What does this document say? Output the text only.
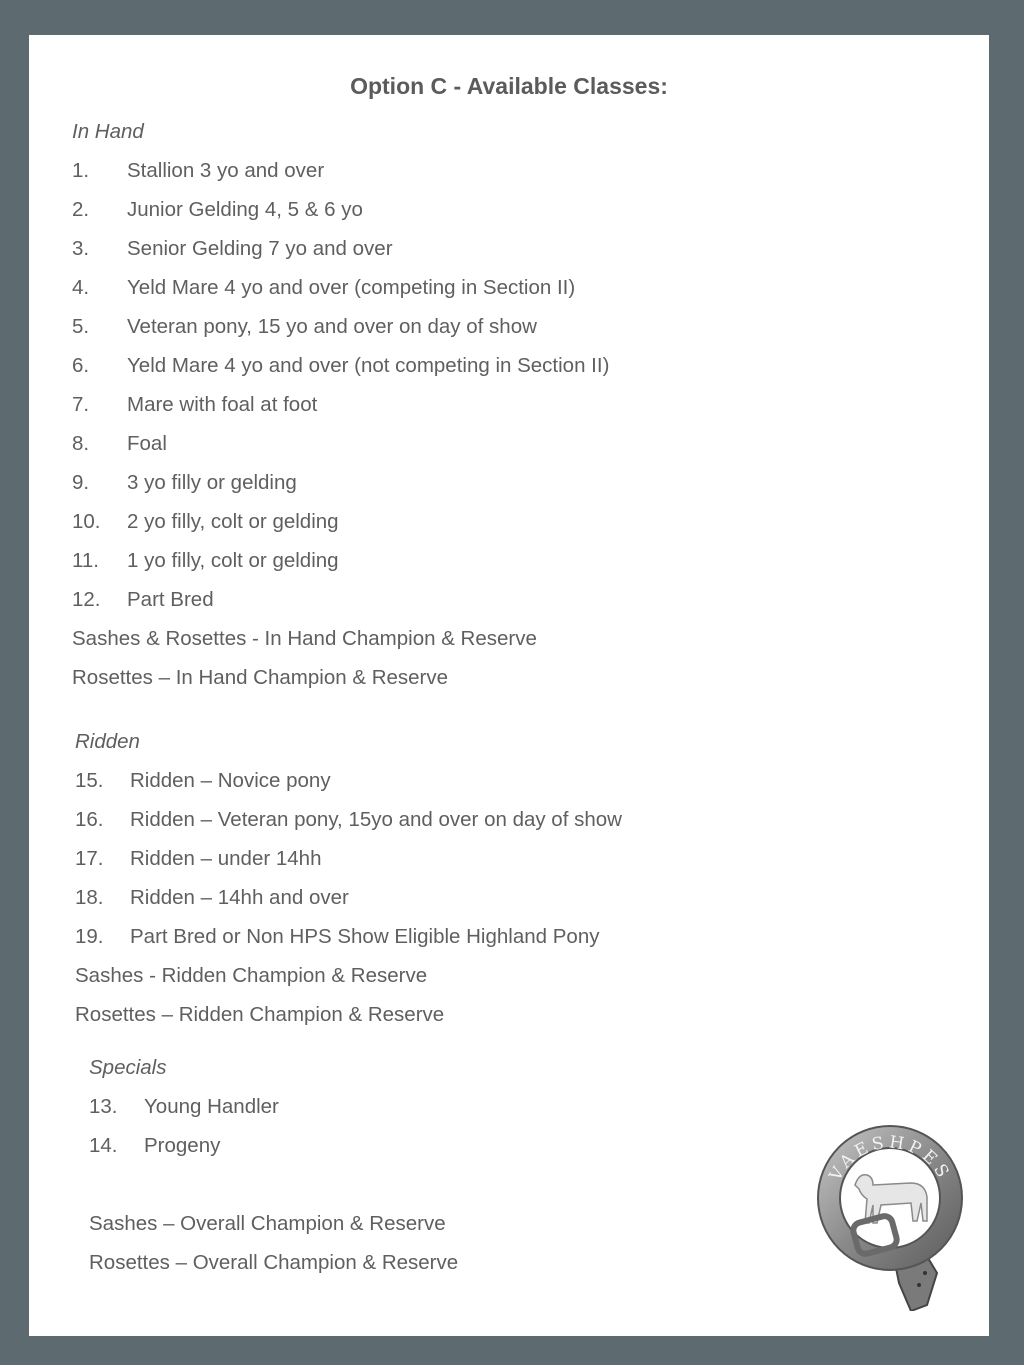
Option C - Available Classes:
In Hand
1. Stallion 3 yo and over
2. Junior Gelding 4, 5 & 6 yo
3. Senior Gelding 7 yo and over
4. Yeld Mare 4 yo and over (competing in Section II)
5. Veteran pony, 15 yo and over on day of show
6. Yeld Mare 4 yo and over (not competing in Section II)
7. Mare with foal at foot
8. Foal
9. 3 yo filly or gelding
10. 2 yo filly, colt or gelding
11. 1 yo filly, colt or gelding
12. Part Bred
Sashes & Rosettes - In Hand Champion & Reserve
Rosettes – In Hand Champion & Reserve
Ridden
15. Ridden – Novice pony
16. Ridden – Veteran pony, 15yo and over on day of show
17. Ridden – under 14hh
18. Ridden – 14hh and over
19. Part Bred or Non HPS Show Eligible Highland Pony
Sashes - Ridden Champion & Reserve
Rosettes – Ridden Champion & Reserve
Specials
13. Young Handler
14. Progeny
Sashes – Overall Champion & Reserve
Rosettes – Overall Champion & Reserve
VAESHPES
